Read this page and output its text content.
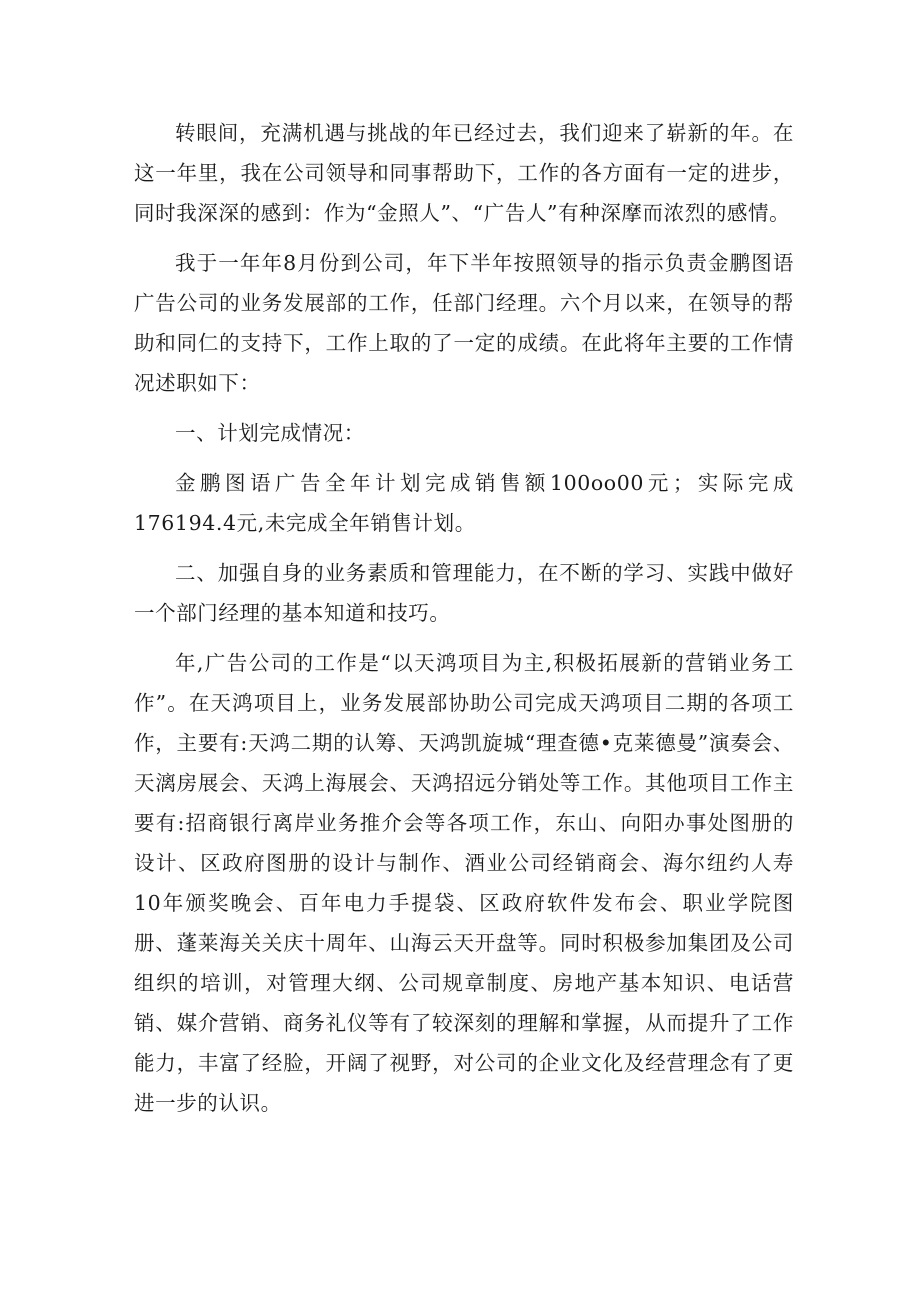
转眼间，充满机遇与挑战的年已经过去，我们迎来了崭新的年。在这一年里，我在公司领导和同事帮助下，工作的各方面有一定的进步，同时我深深的感到：作为“金照人”、“广告人”有种深摩而浓烈的感情。

我于一年年8月份到公司，年下半年按照领导的指示负责金鹏图语广告公司的业务发展部的工作，任部门经理。六个月以来，在领导的帮助和同仁的支持下，工作上取的了一定的成绩。在此将年主要的工作情况述职如下：

一、计划完成情况：

金鹏图语广告全年计划完成销售额100oo00元；实际完成176194.4元,未完成全年销售计划。

二、加强自身的业务素质和管理能力，在不断的学习、实践中做好一个部门经理的基本知道和技巧。

年,广告公司的工作是“以天鸿项目为主,积极拓展新的营销业务工作”。在天鸿项目上，业务发展部协助公司完成天鸿项目二期的各项工作，主要有:天鸿二期的认筹、天鸿凯旋城“理查德•克莱德曼”演奏会、天漓房展会、天鸿上海展会、天鸿招远分销处等工作。其他项目工作主要有:招商银行离岸业务推介会等各项工作，东山、向阳办事处图册的设计、区政府图册的设计与制作、酒业公司经销商会、海尔纽约人寿10年颁奖晚会、百年电力手提袋、区政府软件发布会、职业学院图册、蓬莱海关关庆十周年、山海云天开盘等。同时积极参加集团及公司组织的培训，对管理大纲、公司规章制度、房地产基本知识、电话营销、媒介营销、商务礼仪等有了较深刻的理解和掌握，从而提升了工作能力，丰富了经脸，开阔了视野，对公司的企业文化及经营理念有了更进一步的认识。
